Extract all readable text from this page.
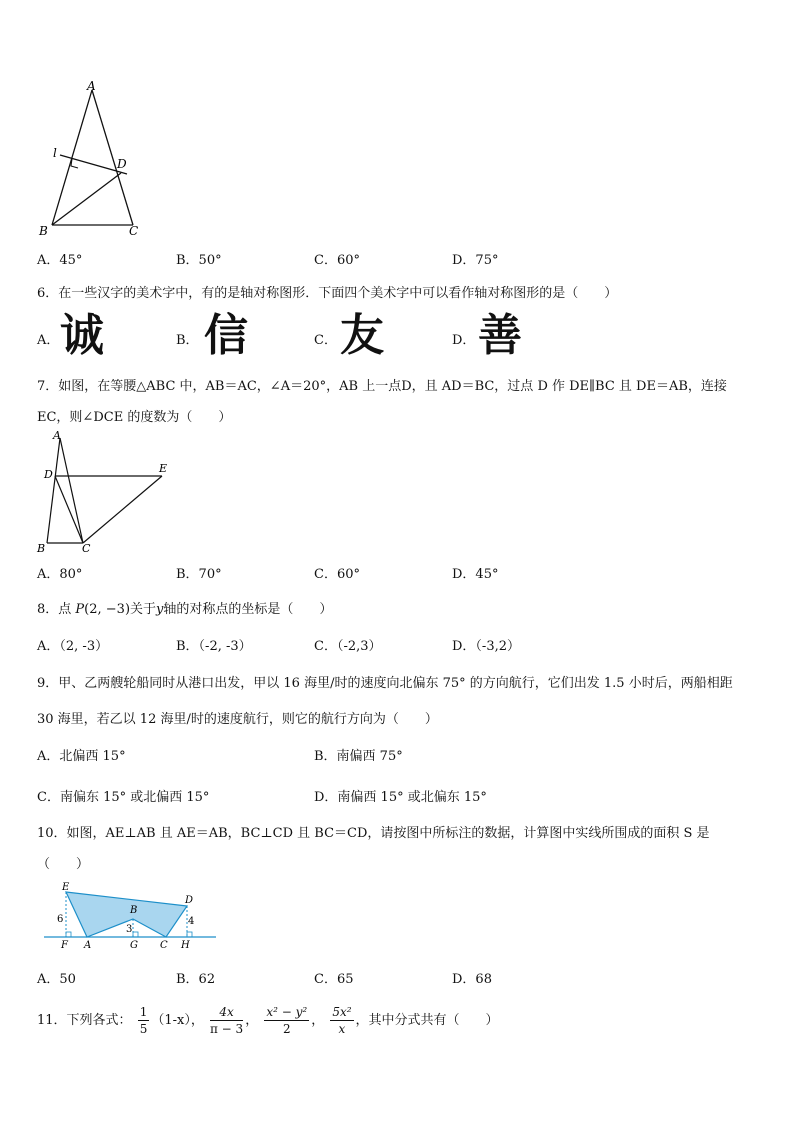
A
l
D
B	C
A．45°	B．50°	C．60°	D．75°
6．在一些汉字的美术字中，有的是轴对称图形．下面四个美术字中可以看作轴对称图形的是（　　）
A． 诚	B． 信	C． 友	D． 善
7．如图，在等腰△ABC 中，AB＝AC，∠A＝20°，AB 上一点D，且 AD＝BC，过点 D 作 DE∥BC 且 DE＝AB，连接
EC，则∠DCE 的度数为（　　）
A
D	E
B	C
A．80°	B．70°	C．60°	D．45°
8．点 P(2, −3)关于y轴的对称点的坐标是（　　）
A．（2, -3）	B．（-2, -3）	C．（-2,3）	D．（-3,2）
9．甲、乙两艘轮船同时从港口出发，甲以 16 海里/时的速度向北偏东 75° 的方向航行，它们出发 1.5 小时后，两船相距
30 海里，若乙以 12 海里/时的速度航行，则它的航行方向为（　　）
A．北偏西 15°	B．南偏西 75°
C．南偏东 15° 或北偏西 15°	D．南偏西 15° 或北偏东 15°
10．如图，AE⊥AB 且 AE＝AB，BC⊥CD 且 BC＝CD，请按图中所标注的数据，计算图中实线所围成的面积 S 是
（　　）
E
B
D
6
3
4
F A	G C H
A．50	B．62	C．65	D．68
11．下列各式： $\frac{1}{5} (1-x)$， $\frac{4x}{\pi - 3}$ ， $\frac{\text{x² − y²}}{2}$ ， $\frac{\text{5x²}}{x}$ ，其中分式共有（　　）
